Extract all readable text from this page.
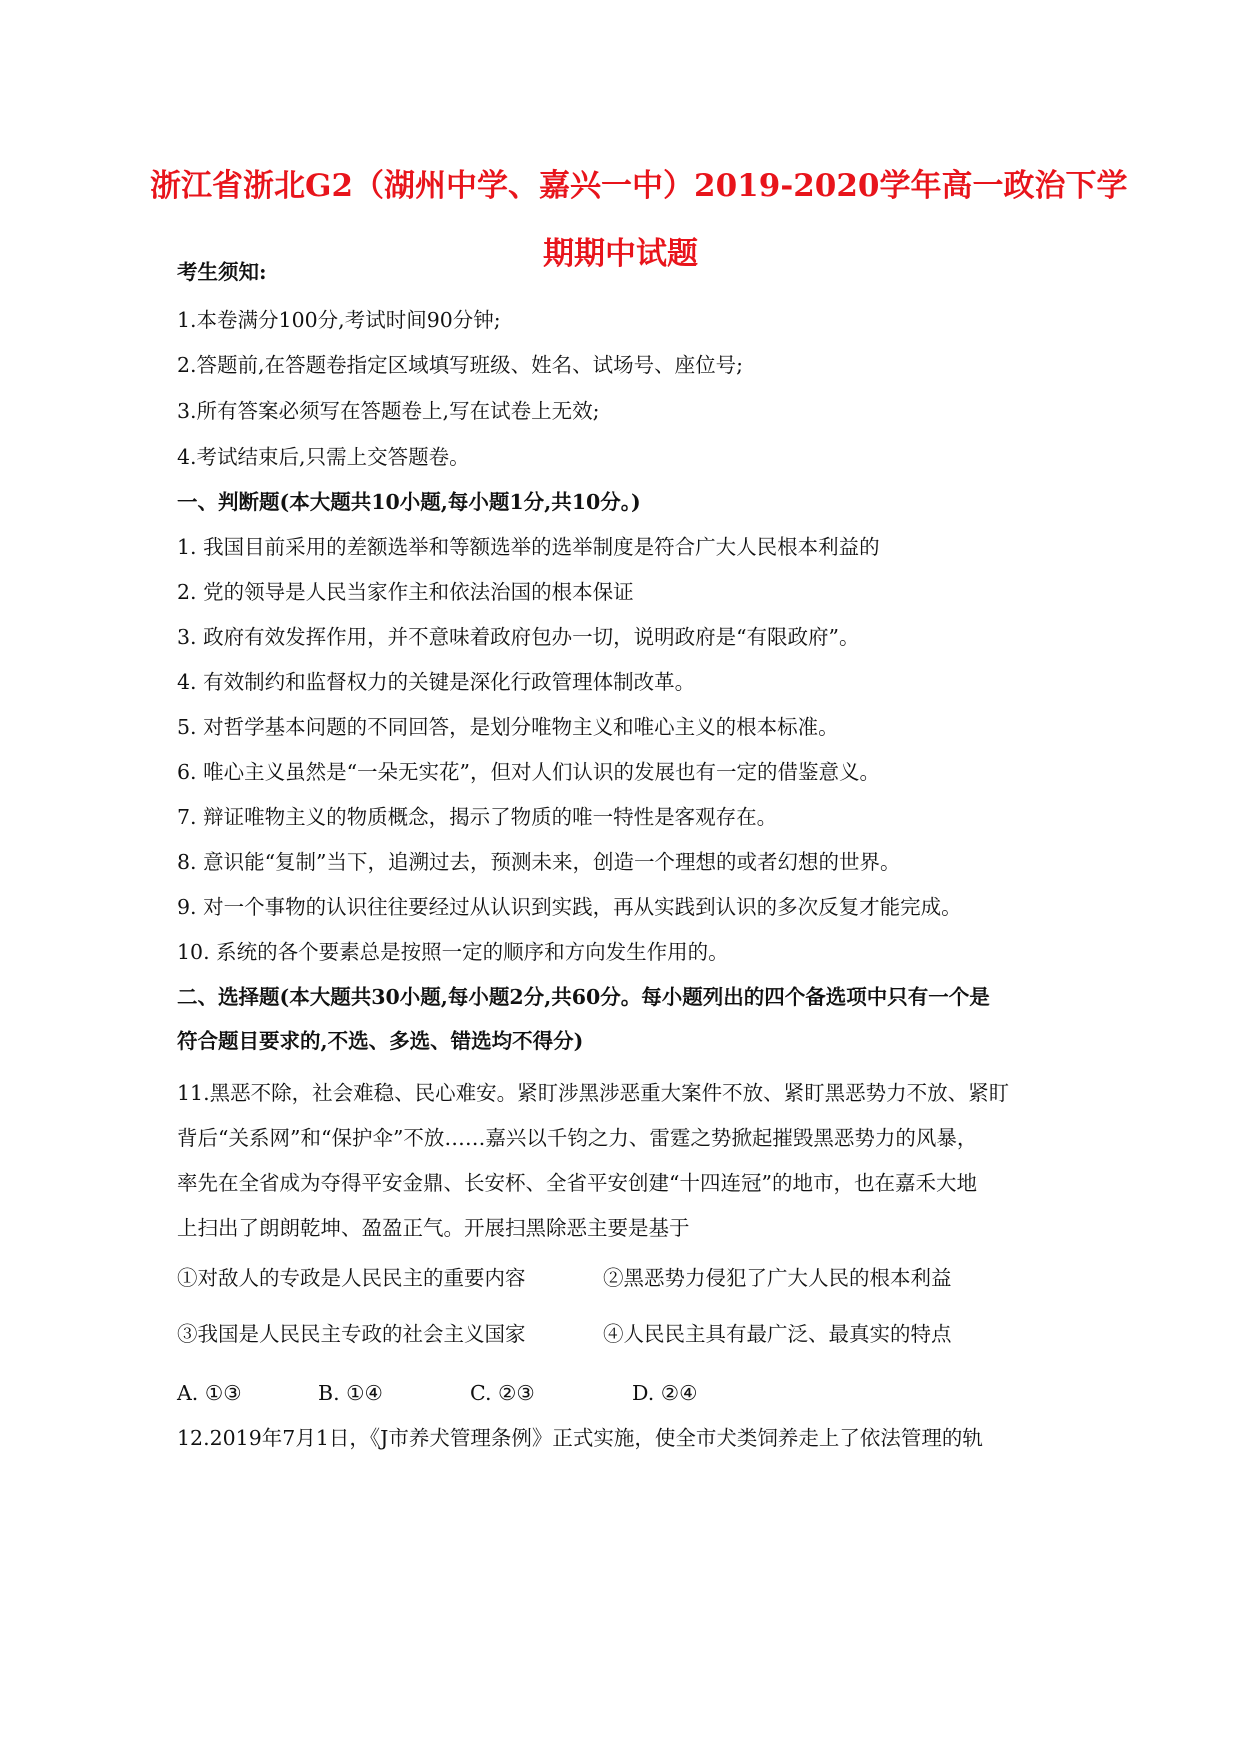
浙江省浙北G2（湖州中学、嘉兴一中）2019-2020学年高一政治下学
期期中试题
考生须知:
1.本卷满分100分,考试时间90分钟;
2.答题前,在答题卷指定区域填写班级、姓名、试场号、座位号;
3.所有答案必须写在答题卷上,写在试卷上无效;
4.考试结束后,只需上交答题卷。
一、判断题(本大题共10小题,每小题1分,共10分。)
1. 我国目前采用的差额选举和等额选举的选举制度是符合广大人民根本利益的
2. 党的领导是人民当家作主和依法治国的根本保证
3. 政府有效发挥作用，并不意味着政府包办一切，说明政府是“有限政府”。
4. 有效制约和监督权力的关键是深化行政管理体制改革。
5. 对哲学基本问题的不同回答，是划分唯物主义和唯心主义的根本标准。
6. 唯心主义虽然是“一朵无实花”，但对人们认识的发展也有一定的借鉴意义。
7. 辩证唯物主义的物质概念，揭示了物质的唯一特性是客观存在。
8. 意识能“复制”当下，追溯过去，预测未来，创造一个理想的或者幻想的世界。
9. 对一个事物的认识往往要经过从认识到实践，再从实践到认识的多次反复才能完成。
10. 系统的各个要素总是按照一定的顺序和方向发生作用的。
二、选择题(本大题共30小题,每小题2分,共60分。每小题列出的四个备选项中只有一个是
符合题目要求的,不选、多选、错选均不得分)
11.黑恶不除，社会难稳、民心难安。紧盯涉黑涉恶重大案件不放、紧盯黑恶势力不放、紧盯
背后“关系网”和“保护伞”不放……嘉兴以千钧之力、雷霆之势掀起摧毁黑恶势力的风暴，
率先在全省成为夺得平安金鼎、长安杯、全省平安创建“十四连冠”的地市，也在嘉禾大地
上扫出了朗朗乾坤、盈盈正气。开展扫黑除恶主要是基于
①对敌人的专政是人民民主的重要内容	②黑恶势力侵犯了广大人民的根本利益
③我国是人民民主专政的社会主义国家	④人民民主具有最广泛、最真实的特点
A. ①③	B. ①④	C. ②③	D. ②④
12.2019年7月1日，《J市养犬管理条例》正式实施，使全市犬类饲养走上了依法管理的轨
